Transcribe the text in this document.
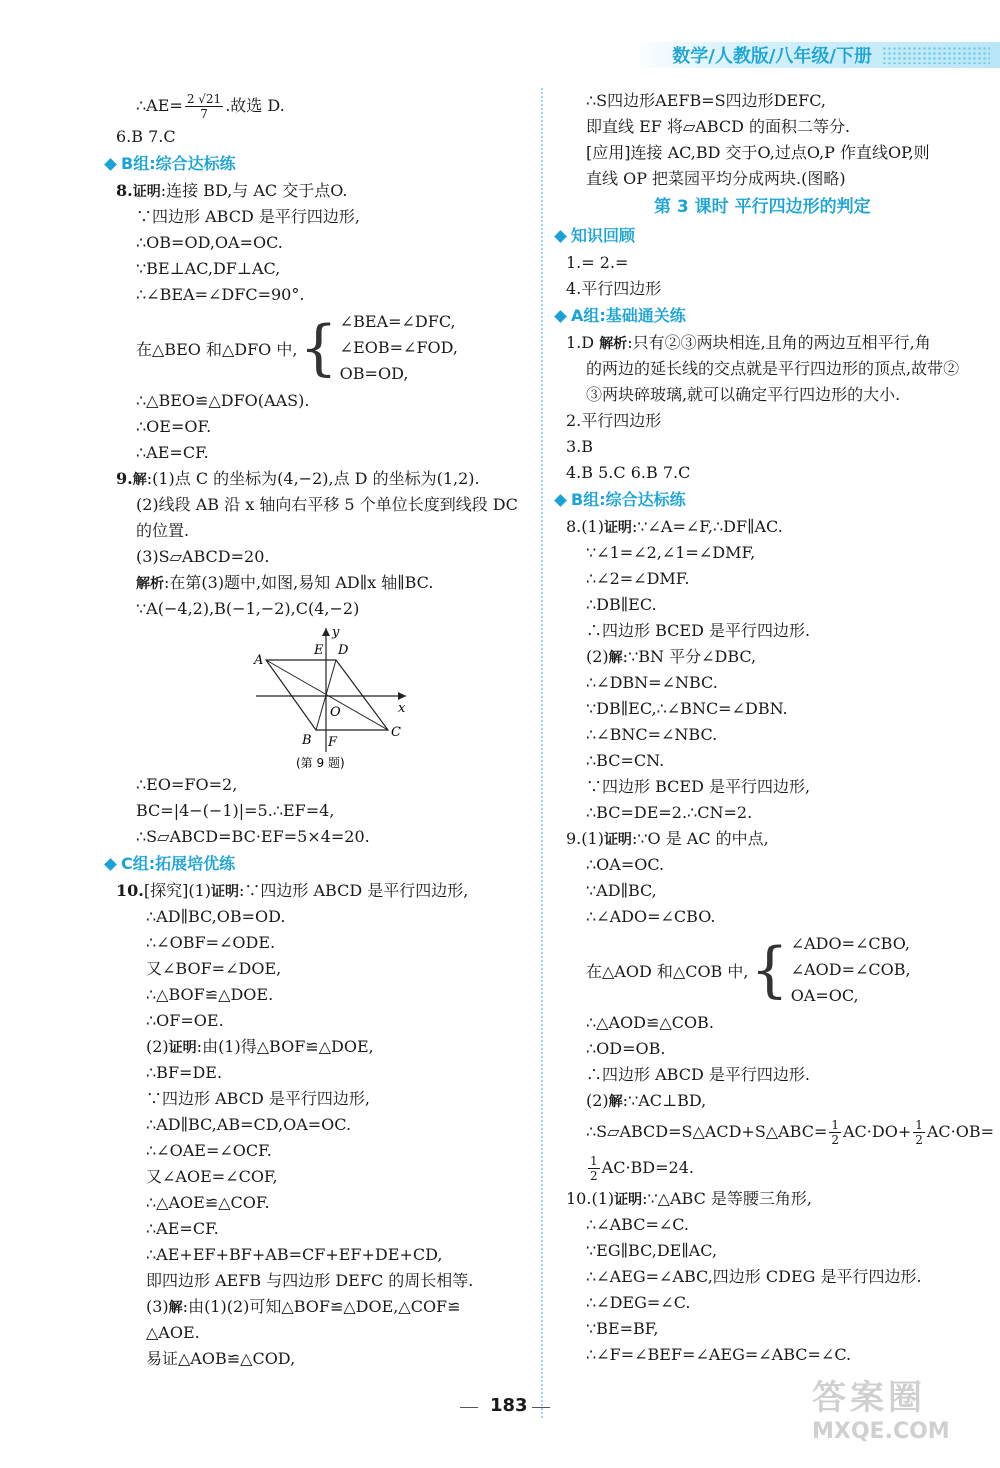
数学/人教版/八年级/下册
∴AE= $\frac{2 √21}{7}$ .故选 D.
6.B 7.C
B组:综合达标练
8.证明:连接 BD,与 AC 交于点O.
∵四边形 ABCD 是平行四边形,
∴OB=OD,OA=OC.
∵BE⊥AC,DF⊥AC,
∴∠BEA=∠DFC=90°.
在△BEO 和△DFO 中, { ∠BEA=∠DFC,
∠EOB=∠FOD,
OB=OD,
∴△BEO≌△DFO(AAS).
∴OE=OF.
∴AE=CF.
9.解:(1)点 C 的坐标为(4,−2),点 D 的坐标为(1,2).
(2)线段 AB 沿 x 轴向右平移 5 个单位长度到线段 DC
的位置.
(3)S▱ABCD=20.
解析:在第(3)题中,如图,易知 AD∥x 轴∥BC.
∵A(−4,2),B(−1,−2),C(4,−2)
A
E D
B F
O
C
x
y
(第 9 题)
∴EO=FO=2,
BC=|4−(−1)|=5.∴EF=4,
∴S▱ABCD=BC·EF=5×4=20.
C组:拓展培优练
10.[探究](1)证明:∵四边形 ABCD 是平行四边形,
∴AD∥BC,OB=OD.
∴∠OBF=∠ODE.
又∠BOF=∠DOE,
∴△BOF≌△DOE.
∴OF=OE.
(2)证明:由(1)得△BOF≌△DOE,
∴BF=DE.
∵四边形 ABCD 是平行四边形,
∴AD∥BC,AB=CD,OA=OC.
∴∠OAE=∠OCF.
又∠AOE=∠COF,
∴△AOE≌△COF.
∴AE=CF.
∴AE+EF+BF+AB=CF+EF+DE+CD,
即四边形 AEFB 与四边形 DEFC 的周长相等.
(3)解:由(1)(2)可知△BOF≌△DOE,△COF≌
△AOE.
易证△AOB≌△COD,
∴S四边形AEFB=S四边形DEFC,
即直线 EF 将▱ABCD 的面积二等分.
[应用]连接 AC,BD 交于O,过点O,P 作直线OP,则
直线 OP 把菜园平均分成两块.(图略)
第 3 课时 平行四边形的判定
知识回顾
1.= 2.=
4.平行四边形
A组:基础通关练
1.D 解析:只有②③两块相连,且角的两边互相平行,角
的两边的延长线的交点就是平行四边形的顶点,故带②
③两块碎玻璃,就可以确定平行四边形的大小.
2.平行四边形
3.B
4.B 5.C 6.B 7.C
B组:综合达标练
8.(1)证明:∵∠A=∠F,∴DF∥AC.
∵∠1=∠2,∠1=∠DMF,
∴∠2=∠DMF.
∴DB∥EC.
∴四边形 BCED 是平行四边形.
(2)解:∵BN 平分∠DBC,
∴∠DBN=∠NBC.
∵DB∥EC,∴∠BNC=∠DBN.
∴∠BNC=∠NBC.
∴BC=CN.
∵四边形 BCED 是平行四边形,
∴BC=DE=2.∴CN=2.
9.(1)证明:∵O 是 AC 的中点,
∴OA=OC.
∵AD∥BC,
∴∠ADO=∠CBO.
在△AOD 和△COB 中, { ∠ADO=∠CBO,
∠AOD=∠COB,
OA=OC,
∴△AOD≌△COB.
∴OD=OB.
∴四边形 ABCD 是平行四边形.
(2)解:∵AC⊥BD,
∴S▱ABCD=S△ACD+S△ABC= $\frac{1}{2} AC\cdot DO+ \frac{1}{2} AC\cdot OB=$
$\frac{1}{2} AC\cdot BD=24$.
10.(1)证明:∵△ABC 是等腰三角形,
∴∠ABC=∠C.
∵EG∥BC,DE∥AC,
∴∠AEG=∠ABC,四边形 CDEG 是平行四边形.
∴∠DEG=∠C.
∵BE=BF,
∴∠F=∠BEF=∠AEG=∠ABC=∠C.
183	答案圈
MXQE.COM
